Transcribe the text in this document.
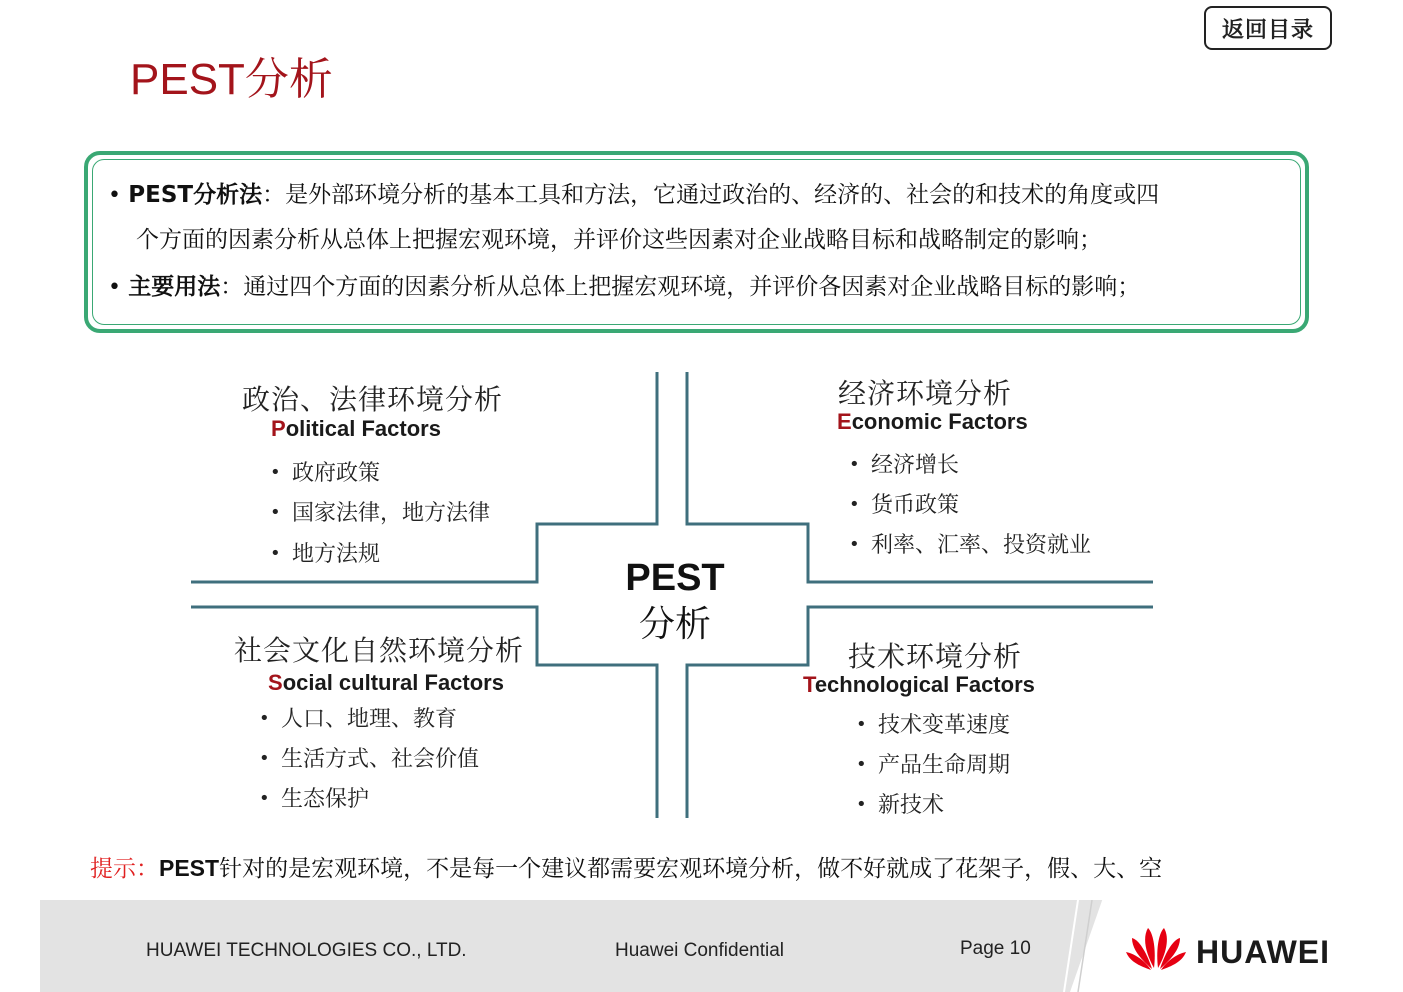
返回目录
PEST分析
• PEST分析法：是外部环境分析的基本工具和方法，它通过政治的、经济的、社会的和技术的角度或四
个方面的因素分析从总体上把握宏观环境，并评价这些因素对企业战略目标和战略制定的影响；
• 主要用法：通过四个方面的因素分析从总体上把握宏观环境，并评价各因素对企业战略目标的影响；
PEST
分析
政治、法律环境分析
Political Factors
• 政府政策
• 国家法律，地方法律
• 地方法规
经济环境分析
Economic Factors
• 经济增长
• 货币政策
• 利率、汇率、投资就业
社会文化自然环境分析
Social cultural Factors
• 人口、地理、教育
• 生活方式、社会价值
• 生态保护
技术环境分析
Technological Factors
• 技术变革速度
• 产品生命周期
• 新技术
提示：PEST针对的是宏观环境，不是每一个建议都需要宏观环境分析，做不好就成了花架子，假、大、空
HUAWEI TECHNOLOGIES CO., LTD.	Huawei Confidential	Page 10	HUAWEI
